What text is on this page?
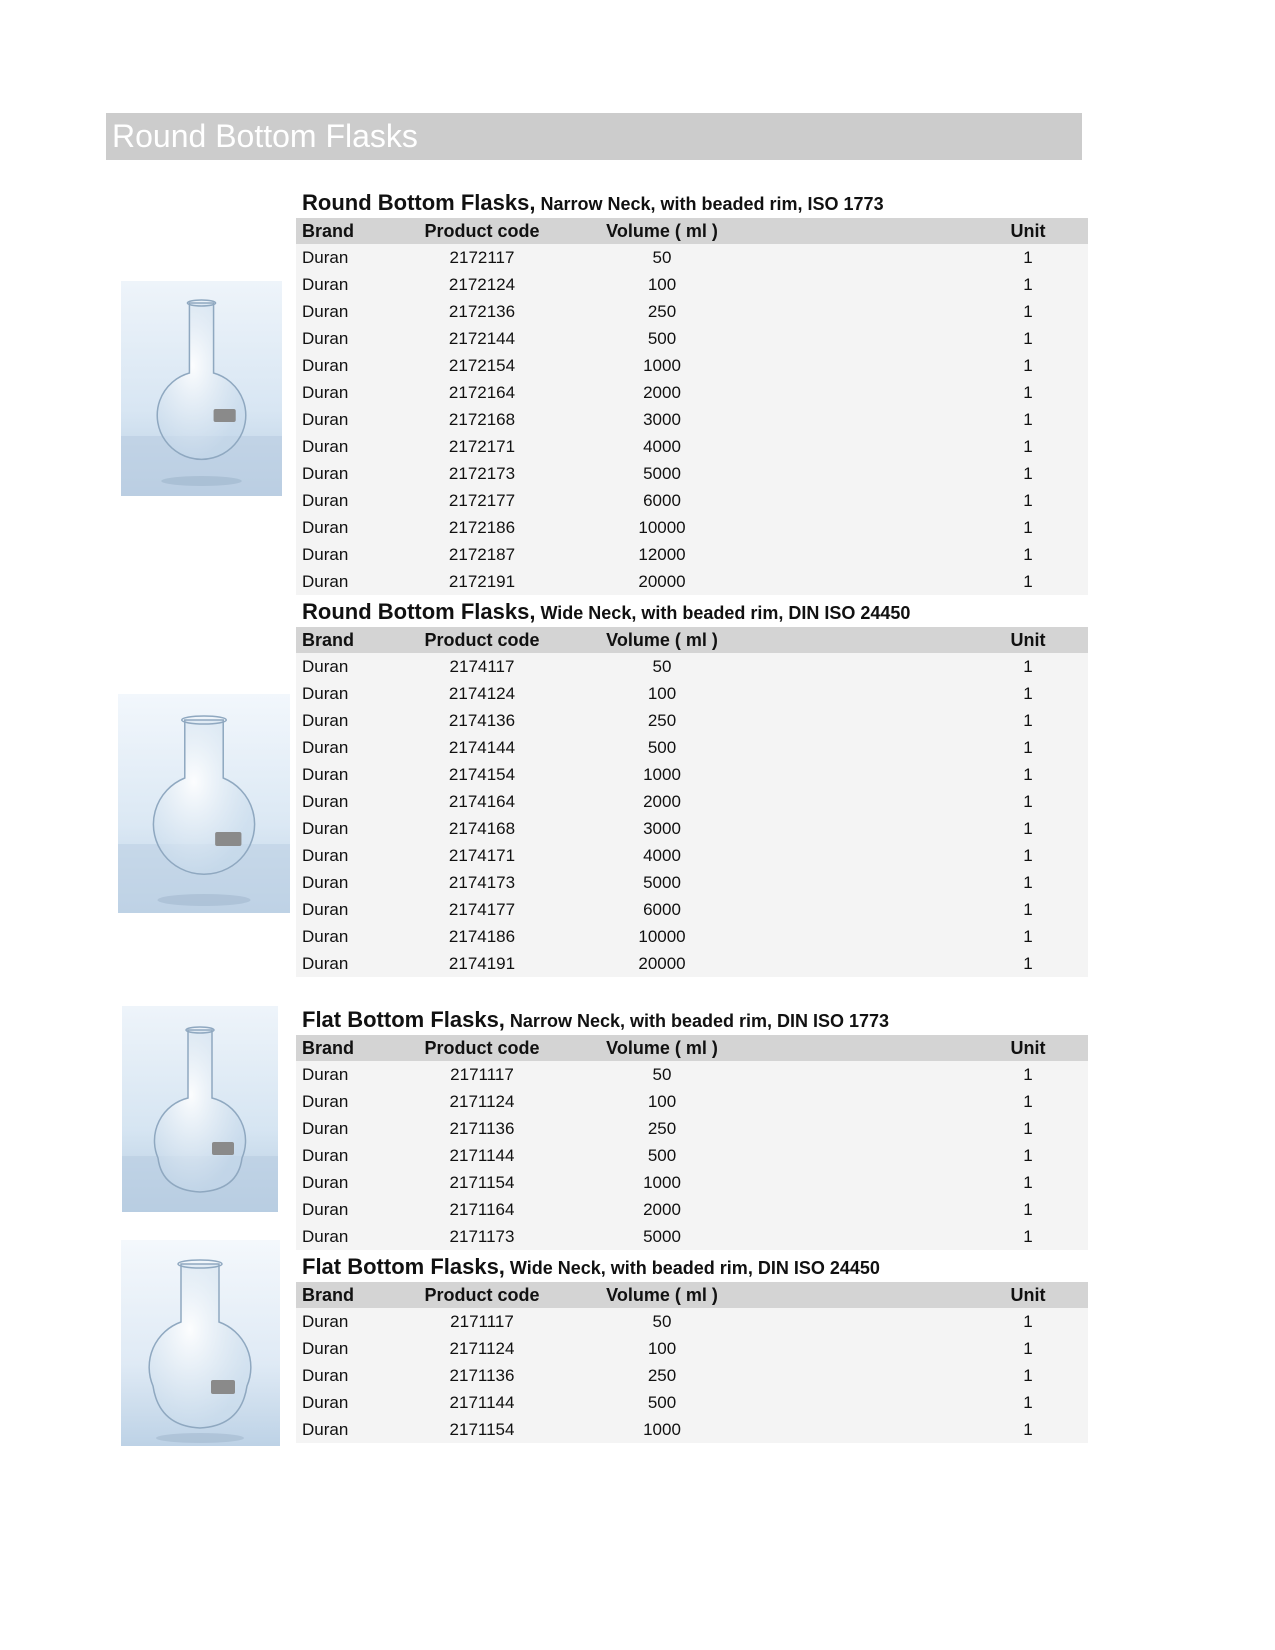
Round Bottom Flasks
Round Bottom Flasks, Narrow Neck, with beaded rim, ISO 1773
Brand	Product code	Volume ( ml )		Unit
Duran	2172117	50		1
Duran	2172124	100		1
Duran	2172136	250		1
Duran	2172144	500		1
Duran	2172154	1000		1
Duran	2172164	2000		1
Duran	2172168	3000		1
Duran	2172171	4000		1
Duran	2172173	5000		1
Duran	2172177	6000		1
Duran	2172186	10000		1
Duran	2172187	12000		1
Duran	2172191	20000		1
Round Bottom Flasks, Wide Neck, with beaded rim, DIN ISO 24450
Brand	Product code	Volume ( ml )		Unit
Duran	2174117	50		1
Duran	2174124	100		1
Duran	2174136	250		1
Duran	2174144	500		1
Duran	2174154	1000		1
Duran	2174164	2000		1
Duran	2174168	3000		1
Duran	2174171	4000		1
Duran	2174173	5000		1
Duran	2174177	6000		1
Duran	2174186	10000		1
Duran	2174191	20000		1
Flat Bottom Flasks, Narrow Neck, with beaded rim, DIN ISO 1773
Brand	Product code	Volume ( ml )		Unit
Duran	2171117	50		1
Duran	2171124	100		1
Duran	2171136	250		1
Duran	2171144	500		1
Duran	2171154	1000		1
Duran	2171164	2000		1
Duran	2171173	5000		1
Flat Bottom Flasks, Wide Neck, with beaded rim, DIN ISO 24450
Brand	Product code	Volume ( ml )		Unit
Duran	2171117	50		1
Duran	2171124	100		1
Duran	2171136	250		1
Duran	2171144	500		1
Duran	2171154	1000		1
